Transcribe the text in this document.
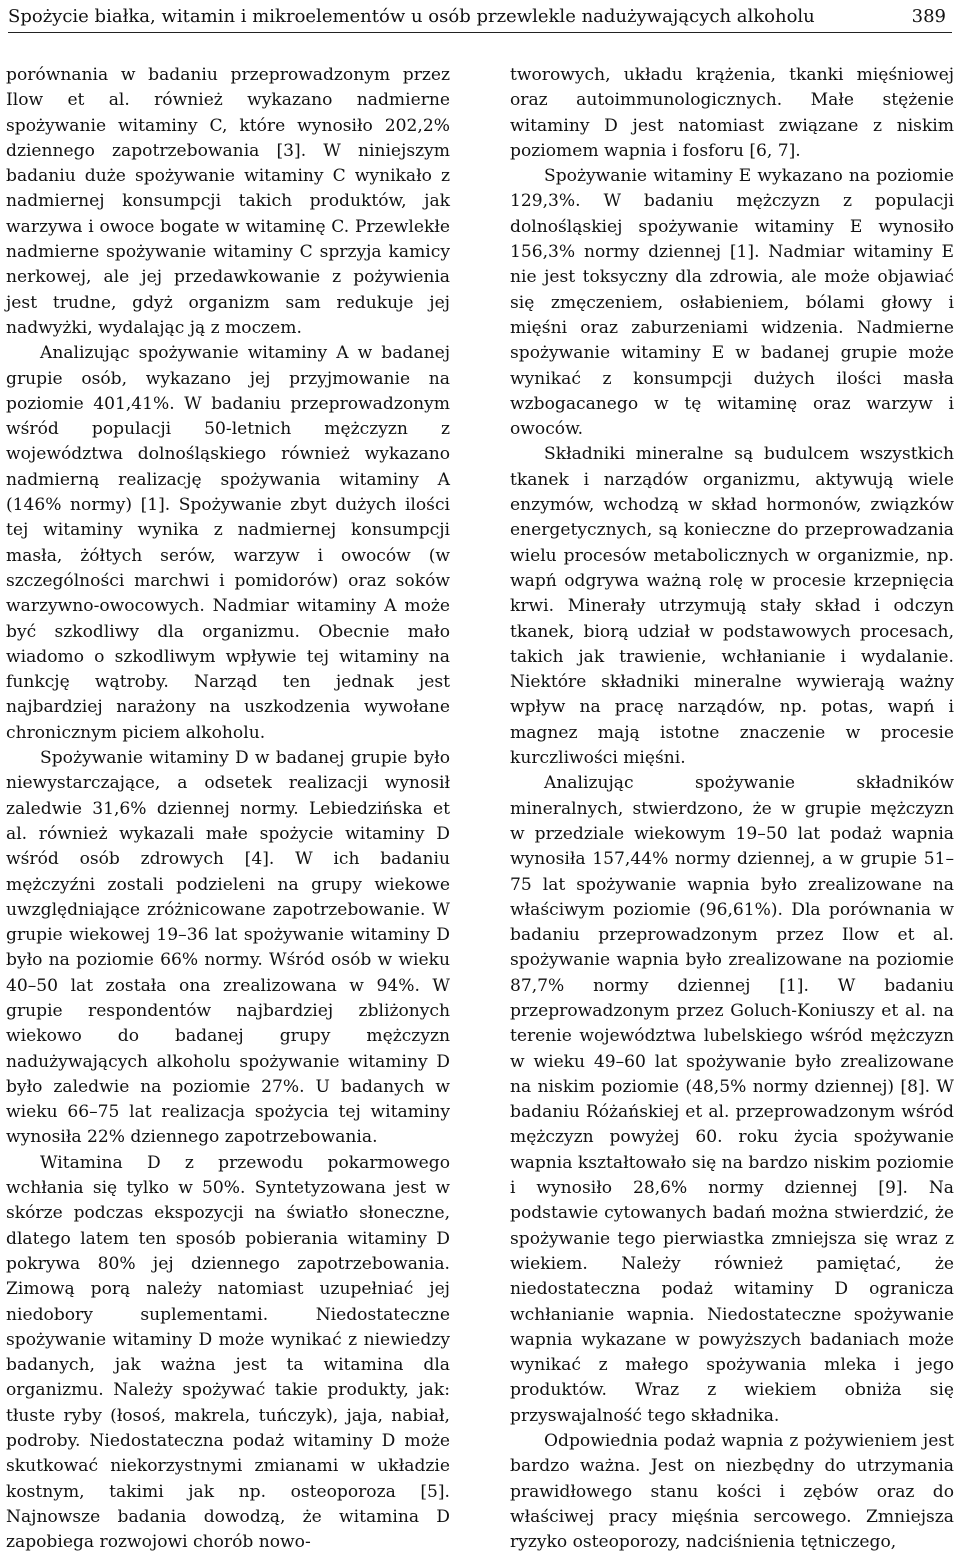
Spożycie białka, witamin i mikroelementów u osób przewlekle nadużywających alkoholu	389

porównania w badaniu przeprowadzonym przez Ilow et al. również wykazano nadmierne spożywanie witaminy C, które wynosiło 202,2% dziennego zapotrzebowania [3]. W niniejszym badaniu duże spożywanie witaminy C wynikało z nadmiernej konsumpcji takich produktów, jak warzywa i owoce bogate w witaminę C. Przewlekłe nadmierne spożywanie witaminy C sprzyja kamicy nerkowej, ale jej przedawkowanie z pożywienia jest trudne, gdyż organizm sam redukuje jej nadwyżki, wydalając ją z moczem.

Analizując spożywanie witaminy A w badanej grupie osób, wykazano jej przyjmowanie na poziomie 401,41%. W badaniu przeprowadzonym wśród populacji 50-letnich mężczyzn z województwa dolnośląskiego również wykazano nadmierną realizację spożywania witaminy A (146% normy) [1]. Spożywanie zbyt dużych ilości tej witaminy wynika z nadmiernej konsumpcji masła, żółtych serów, warzyw i owoców (w szczególności marchwi i pomidorów) oraz soków warzywno-owocowych. Nadmiar witaminy A może być szkodliwy dla organizmu. Obecnie mało wiadomo o szkodliwym wpływie tej witaminy na funkcję wątroby. Narząd ten jednak jest najbardziej narażony na uszkodzenia wywołane chronicznym piciem alkoholu.

Spożywanie witaminy D w badanej grupie było niewystarczające, a odsetek realizacji wynosił zaledwie 31,6% dziennej normy. Lebiedzińska et al. również wykazali małe spożycie witaminy D wśród osób zdrowych [4]. W ich badaniu mężczyźni zostali podzieleni na grupy wiekowe uwzględniające zróżnicowane zapotrzebowanie. W grupie wiekowej 19–36 lat spożywanie witaminy D było na poziomie 66% normy. Wśród osób w wieku 40–50 lat została ona zrealizowana w 94%. W grupie respondentów najbardziej zbliżonych wiekowo do badanej grupy mężczyzn nadużywających alkoholu spożywanie witaminy D było zaledwie na poziomie 27%. U badanych w wieku 66–75 lat realizacja spożycia tej witaminy wynosiła 22% dziennego zapotrzebowania.

Witamina D z przewodu pokarmowego wchłania się tylko w 50%. Syntetyzowana jest w skórze podczas ekspozycji na światło słoneczne, dlatego latem ten sposób pobierania witaminy D pokrywa 80% jej dziennego zapotrzebowania. Zimową porą należy natomiast uzupełniać jej niedobory suplementami. Niedostateczne spożywanie witaminy D może wynikać z niewiedzy badanych, jak ważna jest ta witamina dla organizmu. Należy spożywać takie produkty, jak: tłuste ryby (łosoś, makrela, tuńczyk), jaja, nabiał, podroby. Niedostateczna podaż witaminy D może skutkować niekorzystnymi zmianami w układzie kostnym, takimi jak np. osteoporoza [5]. Najnowsze badania dowodzą, że witamina D zapobiega rozwojowi chorób nowo-

tworowych, układu krążenia, tkanki mięśniowej oraz autoimmunologicznych. Małe stężenie witaminy D jest natomiast związane z niskim poziomem wapnia i fosforu [6, 7].

Spożywanie witaminy E wykazano na poziomie 129,3%. W badaniu mężczyzn z populacji dolnośląskiej spożywanie witaminy E wynosiło 156,3% normy dziennej [1]. Nadmiar witaminy E nie jest toksyczny dla zdrowia, ale może objawiać się zmęczeniem, osłabieniem, bólami głowy i mięśni oraz zaburzeniami widzenia. Nadmierne spożywanie witaminy E w badanej grupie może wynikać z konsumpcji dużych ilości masła wzbogacanego w tę witaminę oraz warzyw i owoców.

Składniki mineralne są budulcem wszystkich tkanek i narządów organizmu, aktywują wiele enzymów, wchodzą w skład hormonów, związków energetycznych, są konieczne do przeprowadzania wielu procesów metabolicznych w organizmie, np. wapń odgrywa ważną rolę w procesie krzepnięcia krwi. Minerały utrzymują stały skład i odczyn tkanek, biorą udział w podstawowych procesach, takich jak trawienie, wchłanianie i wydalanie. Niektóre składniki mineralne wywierają ważny wpływ na pracę narządów, np. potas, wapń i magnez mają istotne znaczenie w procesie kurczliwości mięśni.

Analizując spożywanie składników mineralnych, stwierdzono, że w grupie mężczyzn w przedziale wiekowym 19–50 lat podaż wapnia wynosiła 157,44% normy dziennej, a w grupie 51–75 lat spożywanie wapnia było zrealizowane na właściwym poziomie (96,61%). Dla porównania w badaniu przeprowadzonym przez Ilow et al. spożywanie wapnia było zrealizowane na poziomie 87,7% normy dziennej [1]. W badaniu przeprowadzonym przez Goluch-Koniuszy et al. na terenie województwa lubelskiego wśród mężczyzn w wieku 49–60 lat spożywanie było zrealizowane na niskim poziomie (48,5% normy dziennej) [8]. W badaniu Różańskiej et al. przeprowadzonym wśród mężczyzn powyżej 60. roku życia spożywanie wapnia kształtowało się na bardzo niskim poziomie i wynosiło 28,6% normy dziennej [9]. Na podstawie cytowanych badań można stwierdzić, że spożywanie tego pierwiastka zmniejsza się wraz z wiekiem. Należy również pamiętać, że niedostateczna podaż witaminy D ogranicza wchłanianie wapnia. Niedostateczne spożywanie wapnia wykazane w powyższych badaniach może wynikać z małego spożywania mleka i jego produktów. Wraz z wiekiem obniża się przyswajalność tego składnika.

Odpowiednia podaż wapnia z pożywieniem jest bardzo ważna. Jest on niezbędny do utrzymania prawidłowego stanu kości i zębów oraz do właściwej pracy mięśnia sercowego. Zmniejsza ryzyko osteoporozy, nadciśnienia tętniczego,
